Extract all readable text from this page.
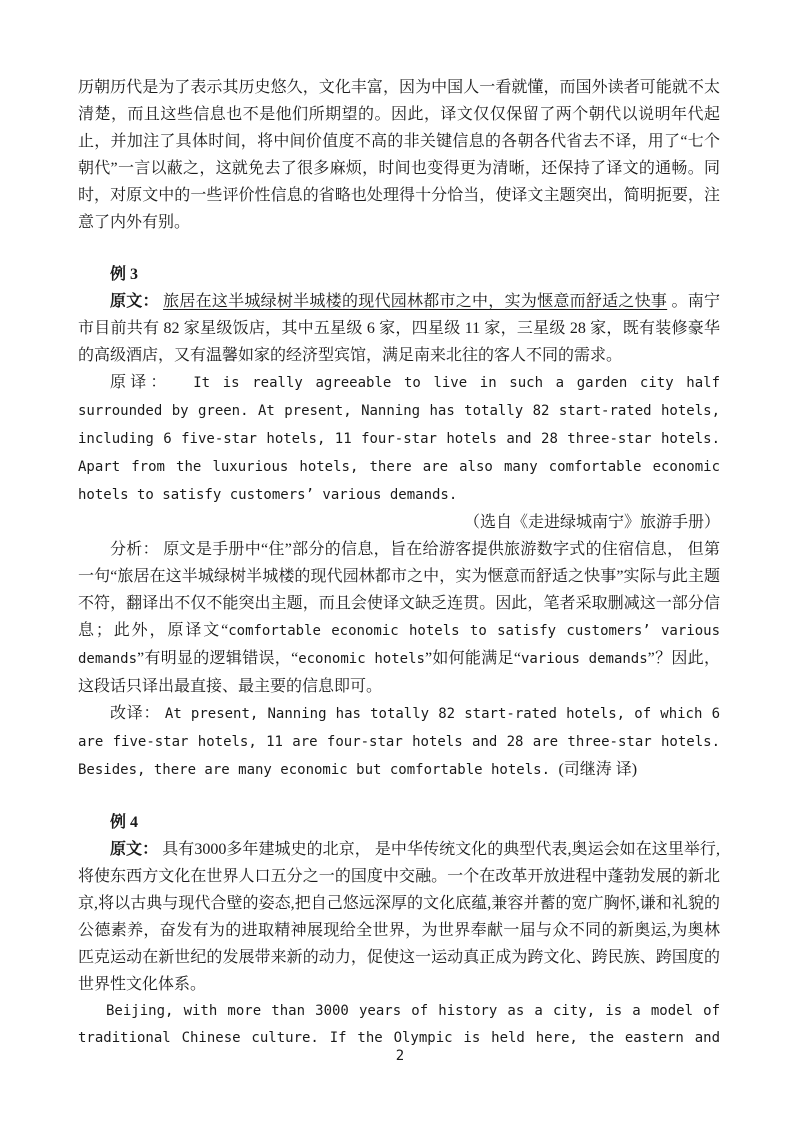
历朝历代是为了表示其历史悠久，文化丰富，因为中国人一看就懂，而国外读者可能就不太清楚，而且这些信息也不是他们所期望的。因此，译文仅仅保留了两个朝代以说明年代起止，并加注了具体时间，将中间价值度不高的非关键信息的各朝各代省去不译，用了“七个朝代”一言以蔽之，这就免去了很多麻烦，时间也变得更为清晰，还保持了译文的通畅。同时，对原文中的一些评价性信息的省略也处理得十分恰当，使译文主题突出，简明扼要，注意了内外有别。

例 3

原文： 旅居在这半城绿树半城楼的现代园林都市之中，实为惬意而舒适之快事 。南宁市目前共有 82 家星级饭店，其中五星级 6 家，四星级 11 家，三星级 28 家，既有装修豪华的高级酒店，又有温馨如家的经济型宾馆，满足南来北往的客人不同的需求。

原译： It is really agreeable to live in such a garden city half surrounded by green. At present, Nanning has totally 82 start-rated hotels, including 6 five-star hotels, 11 four-star hotels and 28 three-star hotels. Apart from the luxurious hotels, there are also many comfortable economic hotels to satisfy customers’ various demands.

（选自《走进绿城南宁》旅游手册）

分析： 原文是手册中“住”部分的信息，旨在给游客提供旅游数字式的住宿信息， 但第一句“旅居在这半城绿树半城楼的现代园林都市之中，实为惬意而舒适之快事”实际与此主题不符，翻译出不仅不能突出主题，而且会使译文缺乏连贯。因此，笔者采取删减这一部分信息；此外，原译文“comfortable economic hotels to satisfy customers’ various demands”有明显的逻辑错误，“economic hotels”如何能满足“various demands”？因此，这段话只译出最直接、最主要的信息即可。

改译： At present, Nanning has totally 82 start-rated hotels, of which 6 are five-star hotels, 11 are four-star hotels and 28 are three-star hotels. Besides, there are many economic but comfortable hotels. (司继涛 译)

例 4

原文： 具有3000多年建城史的北京， 是中华传统文化的典型代表,奥运会如在这里举行,将使东西方文化在世界人口五分之一的国度中交融。一个在改革开放进程中蓬勃发展的新北京,将以古典与现代合壁的姿态,把自己悠远深厚的文化底蕴,兼容并蓄的宽广胸怀,谦和礼貌的公德素养，奋发有为的进取精神展现给全世界，为世界奉献一届与众不同的新奥运,为奥林匹克运动在新世纪的发展带来新的动力，促使这一运动真正成为跨文化、跨民族、跨国度的世界性文化体系。

Beijing, with more than 3000 years of history as a city, is a model of traditional Chinese culture. If the Olympic is held here, the eastern and

2
